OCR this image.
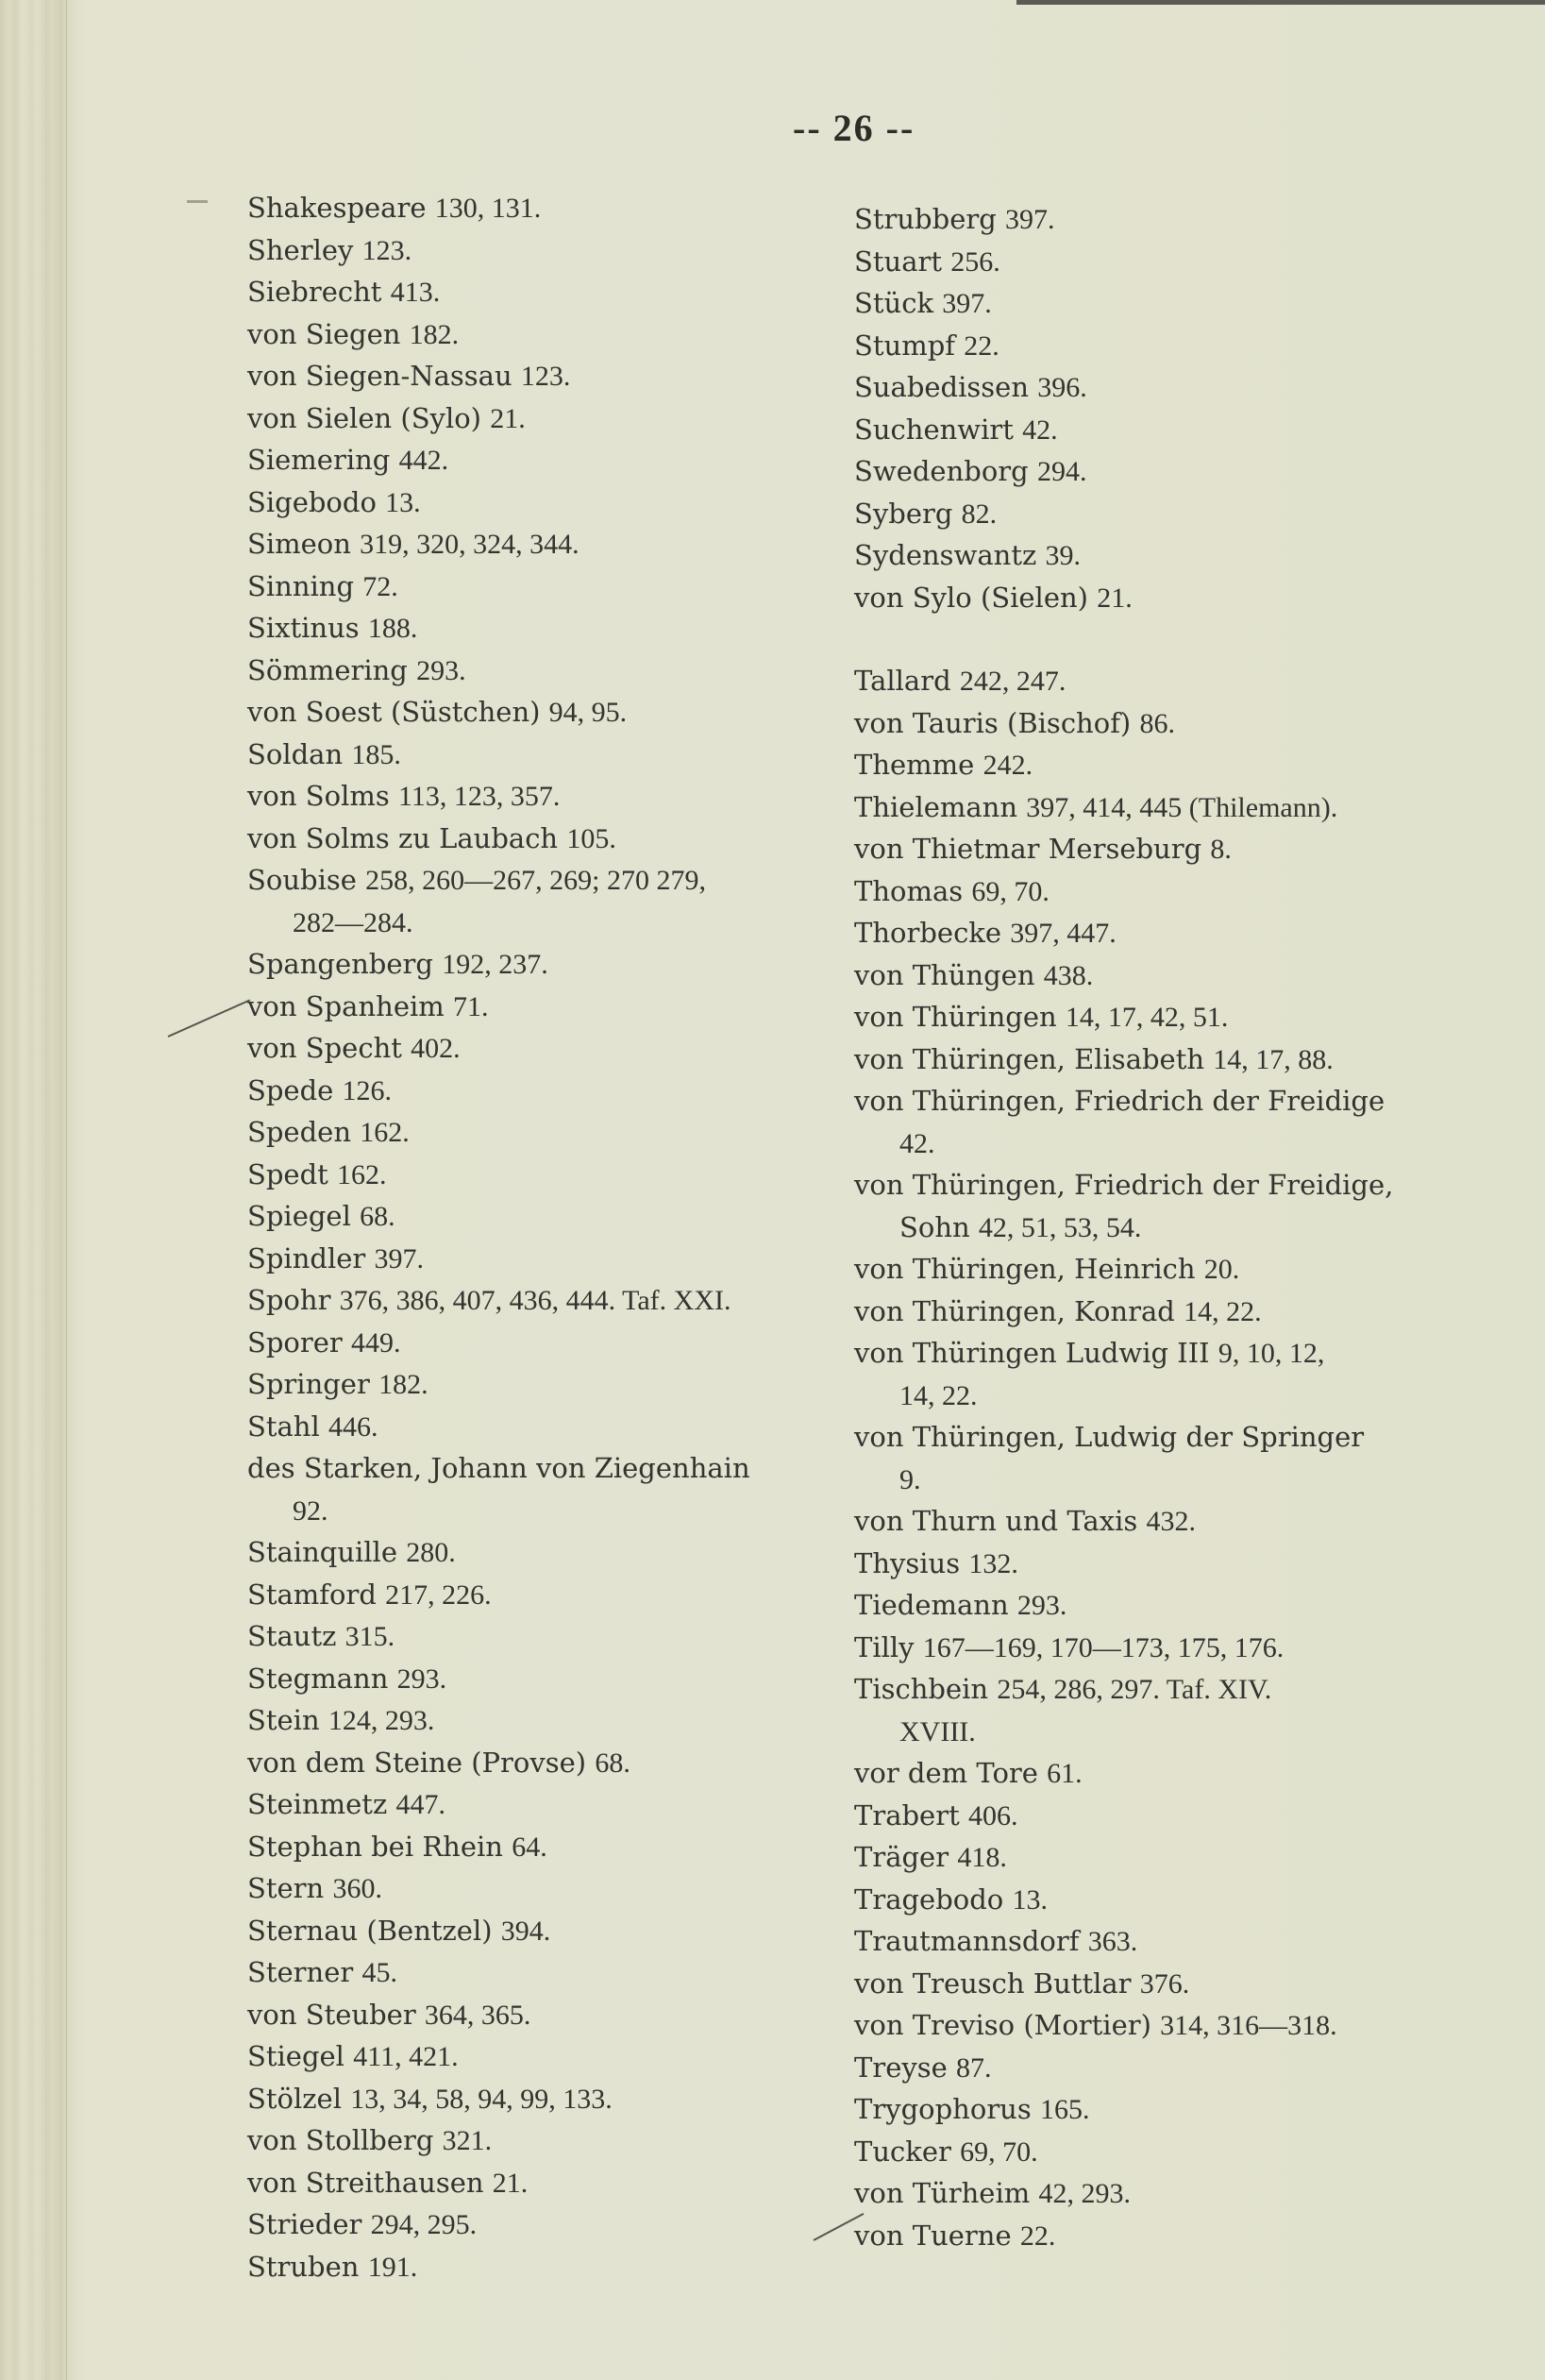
-- 26 --
Shakespeare 130, 131.
Sherley 123.
Siebrecht 413.
von Siegen 182.
von Siegen-Nassau 123.
von Sielen (Sylo) 21.
Siemering 442.
Sigebodo 13.
Simeon 319, 320, 324, 344.
Sinning 72.
Sixtinus 188.
Sömmering 293.
von Soest (Süstchen) 94, 95.
Soldan 185.
von Solms 113, 123, 357.
von Solms zu Laubach 105.
Soubise 258, 260—267, 269; 270 279,
282—284.
Spangenberg 192, 237.
von Spanheim 71.
von Specht 402.
Spede 126.
Speden 162.
Spedt 162.
Spiegel 68.
Spindler 397.
Spohr 376, 386, 407, 436, 444. Taf. XXI.
Sporer 449.
Springer 182.
Stahl 446.
des Starken, Johann von Ziegenhain
92.
Stainquille 280.
Stamford 217, 226.
Stautz 315.
Stegmann 293.
Stein 124, 293.
von dem Steine (Provse) 68.
Steinmetz 447.
Stephan bei Rhein 64.
Stern 360.
Sternau (Bentzel) 394.
Sterner 45.
von Steuber 364, 365.
Stiegel 411, 421.
Stölzel 13, 34, 58, 94, 99, 133.
von Stollberg 321.
von Streithausen 21.
Strieder 294, 295.
Struben 191.
Strubberg 397.
Stuart 256.
Stück 397.
Stumpf 22.
Suabedissen 396.
Suchenwirt 42.
Swedenborg 294.
Syberg 82.
Sydenswantz 39.
von Sylo (Sielen) 21.
Tallard 242, 247.
von Tauris (Bischof) 86.
Themme 242.
Thielemann 397, 414, 445 (Thilemann).
von Thietmar Merseburg 8.
Thomas 69, 70.
Thorbecke 397, 447.
von Thüngen 438.
von Thüringen 14, 17, 42, 51.
von Thüringen, Elisabeth 14, 17, 88.
von Thüringen, Friedrich der Freidige
42.
von Thüringen, Friedrich der Freidige,
Sohn 42, 51, 53, 54.
von Thüringen, Heinrich 20.
von Thüringen, Konrad 14, 22.
von Thüringen Ludwig III 9, 10, 12,
14, 22.
von Thüringen, Ludwig der Springer
9.
von Thurn und Taxis 432.
Thysius 132.
Tiedemann 293.
Tilly 167—169, 170—173, 175, 176.
Tischbein 254, 286, 297. Taf. XIV.
XVIII.
vor dem Tore 61.
Trabert 406.
Träger 418.
Tragebodo 13.
Trautmannsdorf 363.
von Treusch Buttlar 376.
von Treviso (Mortier) 314, 316—318.
Treyse 87.
Trygophorus 165.
Tucker 69, 70.
von Türheim 42, 293.
von Tuerne 22.
